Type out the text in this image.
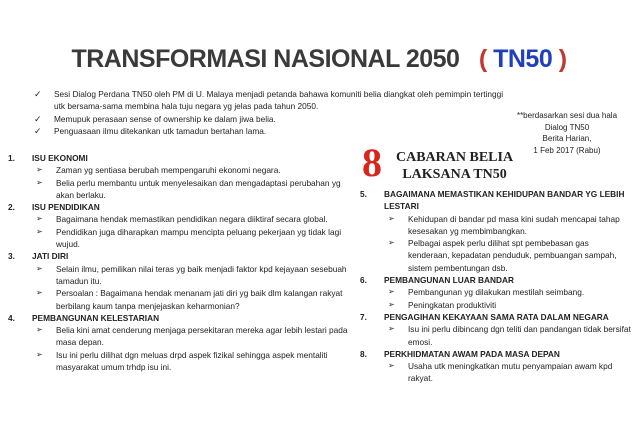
TRANSFORMASI NASIONAL 2050 ( TN50 )
✓ Sesi Dialog Perdana TN50 oleh PM di U. Malaya menjadi petanda bahawa komuniti belia diangkat oleh pemimpin tertinggi utk bersama-sama membina hala tuju negara yg jelas pada tahun 2050.
✓ Memupuk perasaan sense of ownership ke dalam jiwa belia.
✓ Penguasaan ilmu ditekankan utk tamadun bertahan lama.
**berdasarkan sesi dua hala
Dialog TN50
Berita Harian,
1 Feb 2017 (Rabu)
8 CABARAN BELIA
LAKSANA TN50
1. ISU EKONOMI
➢ Zaman yg sentiasa berubah mempengaruhi ekonomi negara.
➢ Belia perlu membantu untuk menyelesaikan dan mengadaptasi perubahan yg akan berlaku.
2. ISU PENDIDIKAN
➢ Bagaimana hendak memastikan pendidikan negara diiktiraf secara global.
➢ Pendidikan juga diharapkan mampu mencipta peluang pekerjaan yg tidak lagi wujud.
3. JATI DIRI
➢ Selain ilmu, pemilikan nilai teras yg baik menjadi faktor kpd kejayaan sesebuah tamadun itu.
➢ Persoalan : Bagaimana hendak menanam jati diri yg baik dlm kalangan rakyat berbilang kaum tanpa menjejaskan keharmonian?
4. PEMBANGUNAN KELESTARIAN
➢ Belia kini amat cenderung menjaga persekitaran mereka agar lebih lestari pada masa depan.
➢ Isu ini perlu dilihat dgn meluas drpd aspek fizikal sehingga aspek mentaliti masyarakat umum trhdp isu ini.
5. BAGAIMANA MEMASTIKAN KEHIDUPAN BANDAR YG LEBIH LESTARI
➢ Kehidupan di bandar pd masa kini sudah mencapai tahap kesesakan yg membimbangkan.
➢ Pelbagai aspek perlu dilihat spt pembebasan gas kenderaan, kepadatan penduduk, pembuangan sampah, sistem pembentungan dsb.
6. PEMBANGUNAN LUAR BANDAR
➢ Pembangunan yg dilakukan mestilah seimbang.
➢ Peningkatan produktiviti
7. PENGAGIHAN KEKAYAAN SAMA RATA DALAM NEGARA
➢ Isu ini perlu dibincang dgn teliti dan pandangan tidak bersifat emosi.
8. PERKHIDMATAN AWAM PADA MASA DEPAN
➢ Usaha utk meningkatkan mutu penyampaian awam kpd rakyat.
